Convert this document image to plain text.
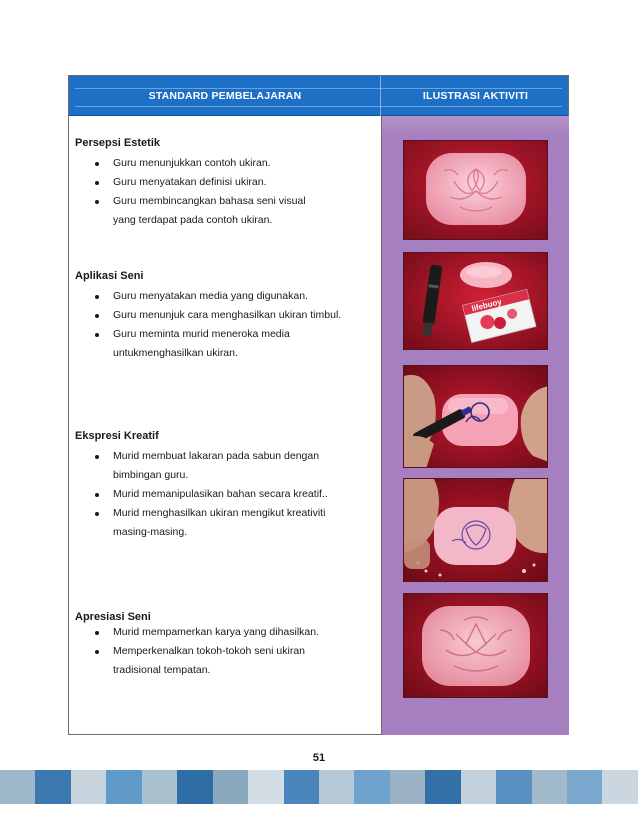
STANDARD PEMBELAJARAN	ILUSTRASI AKTIVITI
Persepsi Estetik
Guru menunjukkan contoh ukiran.
Guru menyatakan definisi ukiran.
Guru membincangkan bahasa seni visual
yang terdapat pada contoh ukiran.
Aplikasi Seni
Guru menyatakan media yang digunakan.
Guru menunjuk cara menghasilkan ukiran timbul.
Guru meminta murid meneroka media
untukmenghasilkan ukiran.
Ekspresi Kreatif
Murid membuat lakaran pada sabun dengan
bimbingan guru.
Murid memanipulasikan bahan secara kreatif..
Murid menghasilkan ukiran mengikut kreativiti
masing-masing.
Apresiasi Seni
Murid mempamerkan karya yang dihasilkan.
Memperkenalkan tokoh-tokoh seni ukiran
tradisional tempatan.
lifebuoy
51
